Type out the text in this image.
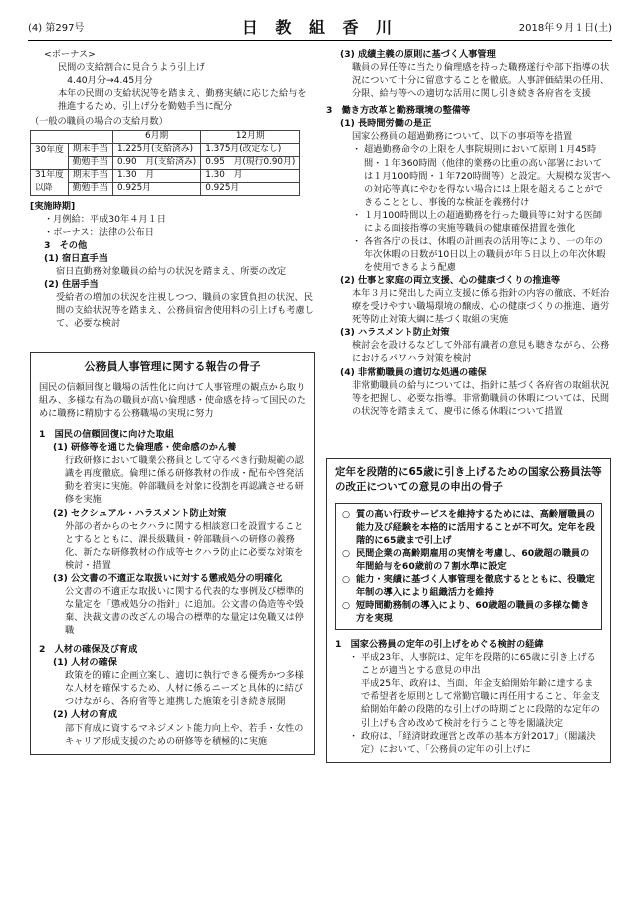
(4) 第297号	日 教 組 香 川	2018年９月１日(土)

<ボーナス>

民間の支給割合に見合うよう引上げ
　4.40月分→4.45月分
本年の民間の支給状況等を踏まえ、勤務実績に応じた給与を推進するため、引上げ分を勤勉手当に配分

（一般の職員の場合の支給月数）

		6月期	12月期
30年度	期末手当	1.225月(支給済み)	1.375月(改定なし)
	勤勉手当	0.90　月(支給済み)	0.95　月(現行0.90月)
31年度	期末手当	1.30　月	1.30　月
以降	勤勉手当	0.925月	0.925月

[実施時期]

・月例給：平成30年４月１日

・ボーナス：法律の公布日

3　その他

(1) 宿日直手当

宿日直勤務対象職員の給与の状況を踏まえ、所要の改定

(2) 住居手当

受給者の増加の状況を注視しつつ、職員の家賃負担の状況、民間の支給状況等を踏まえ、公務員宿舎使用料の引上げも考慮して、必要な検討

公務員人事管理に関する報告の骨子

国民の信頼回復と職場の活性化に向けて人事管理の観点から取り組み、多様な有為の職員が高い倫理感・使命感を持って国民のために職務に精励する公務職場の実現に努力

1　国民の信頼回復に向けた取組

(1) 研修等を通じた倫理感・使命感のかん養

行政研修において職業公務員として守るべき行動規範の認識を再度徹底。倫理に係る研修教材の作成・配布や啓発活動を着実に実施。幹部職員を対象に役割を再認識させる研修を実施

(2) セクシュアル・ハラスメント防止対策

外部の者からのセクハラに関する相談窓口を設置することとするとともに、課長級職員・幹部職員への研修の義務化、新たな研修教材の作成等セクハラ防止に必要な対策を検討・措置

(3) 公文書の不適正な取扱いに対する懲戒処分の明確化

公文書の不適正な取扱いに関する代表的な事例及び標準的な量定を「懲戒処分の指針」に追加。公文書の偽造等や毀棄、決裁文書の改ざんの場合の標準的な量定は免職又は停職

2　人材の確保及び育成

(1) 人材の確保

政策を的確に企画立案し、適切に執行できる優秀かつ多様な人材を確保するため、人材に係るニーズと具体的に結びつけながら、各府省等と連携した施策を引き続き展開

(2) 人材の育成

部下育成に資するマネジメント能力向上や、若手・女性のキャリア形成支援のための研修等を積極的に実施

(3) 成績主義の原則に基づく人事管理

職員の昇任等に当たり倫理感を持った職務遂行や部下指導の状況について十分に留意することを徹底。人事評価結果の任用、分限、給与等への適切な活用に関し引き続き各府省を支援

3　働き方改革と勤務環境の整備等

(1) 長時間労働の是正

国家公務員の超過勤務について、以下の事項等を措置

・ 超過勤務命令の上限を人事院規則において原則１月45時間・１年360時間（他律的業務の比重の高い部署においては１月100時間・１年720時間等）と設定。大規模な災害への対応等真にやむを得ない場合には上限を超えることができることとし、事後的な検証を義務付け
・ １月100時間以上の超過勤務を行った職員等に対する医師による面接指導の実施等職員の健康確保措置を強化
・ 各省各庁の長は、休暇の計画表の活用等により、一の年の年次休暇の日数が10日以上の職員が年５日以上の年次休暇を使用できるよう配慮

(2) 仕事と家庭の両立支援、心の健康づくりの推進等

本年３月に発出した両立支援に係る指針の内容の徹底、不妊治療を受けやすい職場環境の醸成、心の健康づくりの推進、過労死等防止対策大綱に基づく取組の実施

(3) ハラスメント防止対策

検討会を設けるなどして外部有識者の意見も聴きながら、公務におけるパワハラ対策を検討

(4) 非常勤職員の適切な処遇の確保

非常勤職員の給与については、指針に基づく各府省の取組状況等を把握し、必要な指導。非常勤職員の休暇については、民間の状況等を踏まえて、慶弔に係る休暇について措置

定年を段階的に65歳に引き上げるための国家公務員法等の改正についての意見の申出の骨子

○ 質の高い行政サービスを維持するためには、高齢層職員の能力及び経験を本格的に活用することが不可欠。定年を段階的に65歳まで引上げ
○ 民間企業の高齢期雇用の実情を考慮し、60歳超の職員の年間給与を60歳前の７割水準に設定
○ 能力・実績に基づく人事管理を徹底するとともに、役職定年制の導入により組織活力を維持
○ 短時間勤務制の導入により、60歳超の職員の多様な働き方を実現

1　国家公務員の定年の引上げをめぐる検討の経緯

・ 平成23年、人事院は、定年を段階的に65歳に引き上げることが適当とする意見の申出

平成25年、政府は、当面、年金支給開始年齢に達するまで希望者を原則として常勤官職に再任用すること、年金支給開始年齢の段階的な引上げの時期ごとに段階的な定年の引上げも含め改めて検討を行うこと等を閣議決定

・ 政府は、「経済財政運営と改革の基本方針2017」（閣議決定）において、「公務員の定年の引上げに
